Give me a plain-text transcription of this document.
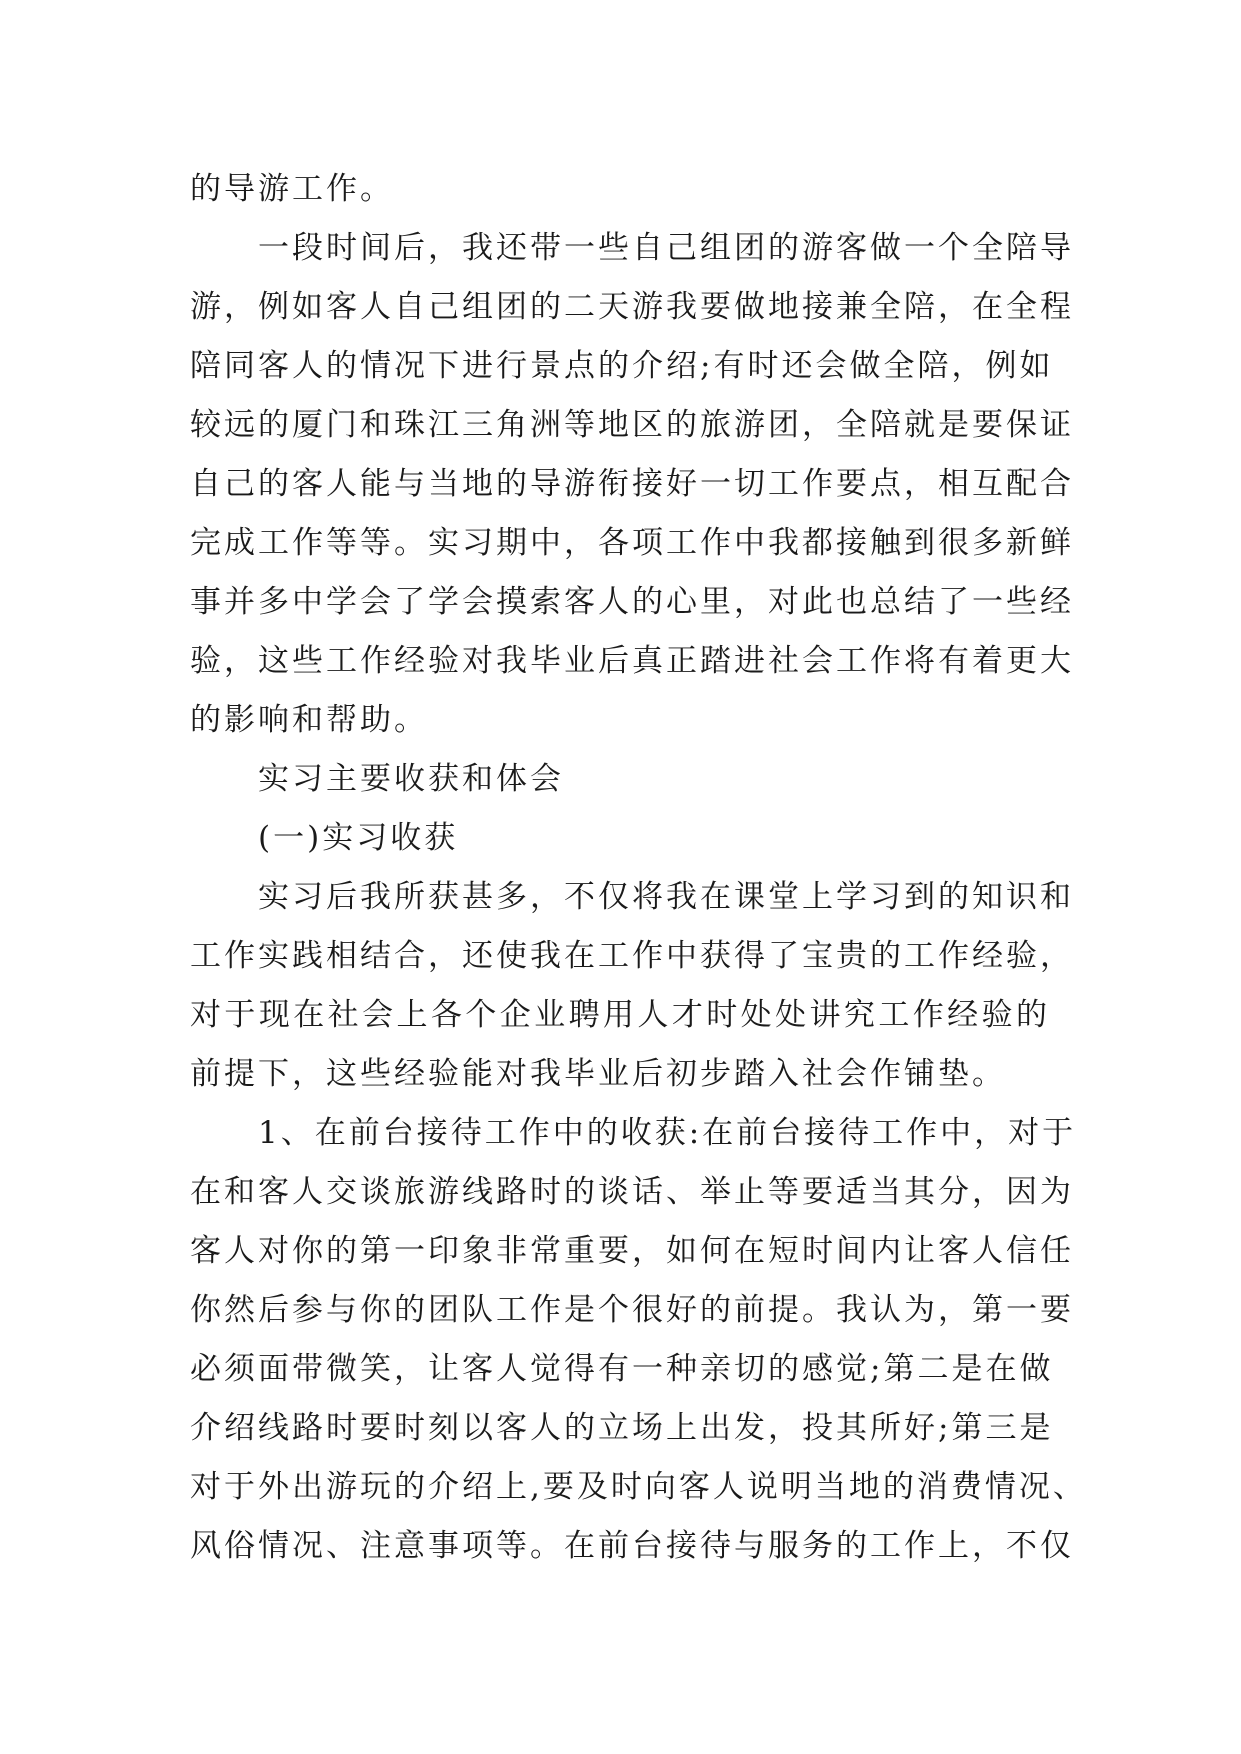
的导游工作。
一段时间后，我还带一些自己组团的游客做一个全陪导
游，例如客人自己组团的二天游我要做地接兼全陪，在全程
陪同客人的情况下进行景点的介绍;有时还会做全陪，例如
较远的厦门和珠江三角洲等地区的旅游团，全陪就是要保证
自己的客人能与当地的导游衔接好一切工作要点，相互配合
完成工作等等。实习期中，各项工作中我都接触到很多新鲜
事并多中学会了学会摸索客人的心里，对此也总结了一些经
验，这些工作经验对我毕业后真正踏进社会工作将有着更大
的影响和帮助。
实习主要收获和体会
(一)实习收获
实习后我所获甚多，不仅将我在课堂上学习到的知识和
工作实践相结合，还使我在工作中获得了宝贵的工作经验，
对于现在社会上各个企业聘用人才时处处讲究工作经验的
前提下，这些经验能对我毕业后初步踏入社会作铺垫。
1、在前台接待工作中的收获:在前台接待工作中，对于
在和客人交谈旅游线路时的谈话、举止等要适当其分，因为
客人对你的第一印象非常重要，如何在短时间内让客人信任
你然后参与你的团队工作是个很好的前提。我认为，第一要
必须面带微笑，让客人觉得有一种亲切的感觉;第二是在做
介绍线路时要时刻以客人的立场上出发，投其所好;第三是
对于外出游玩的介绍上,要及时向客人说明当地的消费情况、
风俗情况、注意事项等。在前台接待与服务的工作上，不仅
